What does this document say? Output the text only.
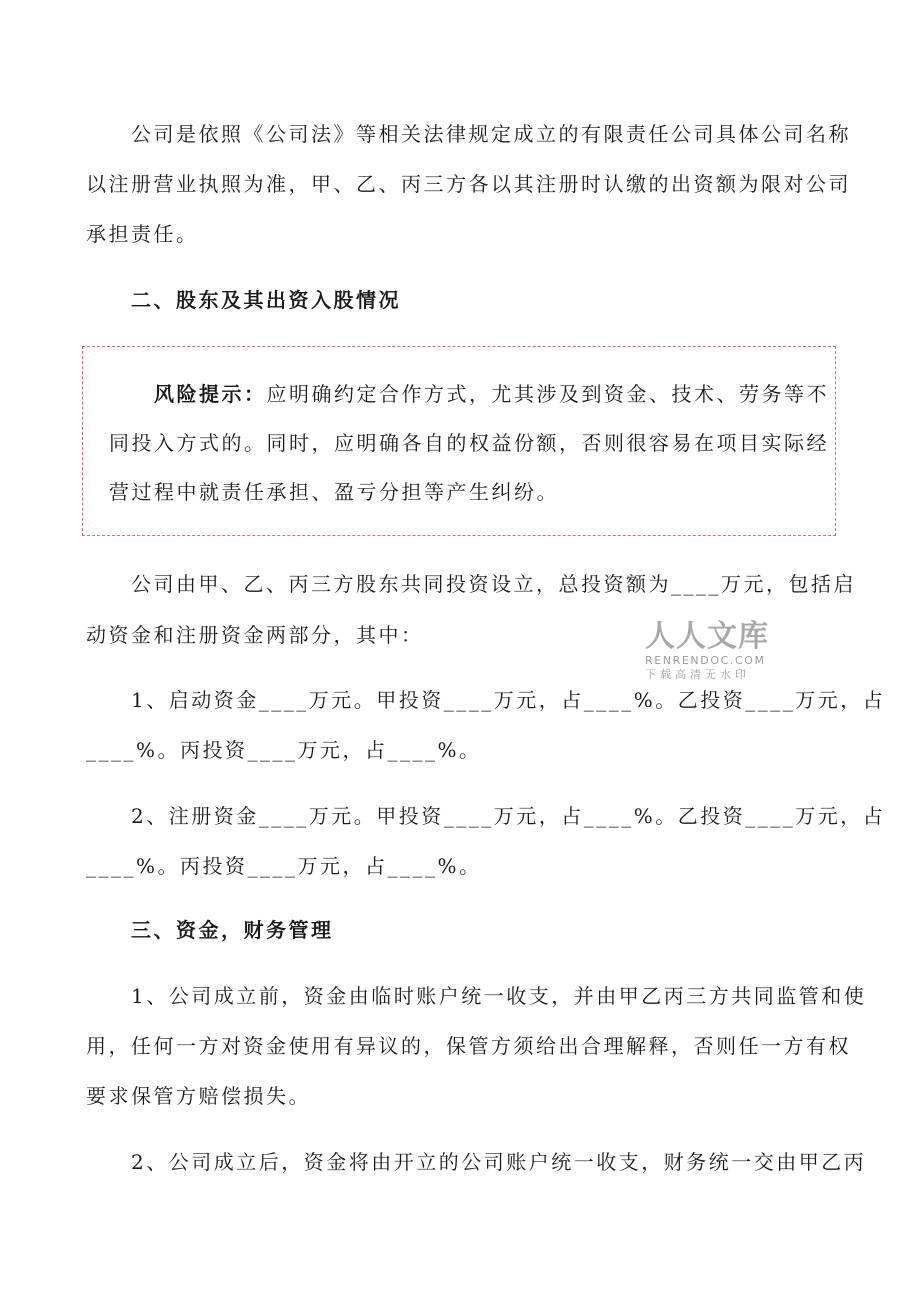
公司是依照《公司法》等相关法律规定成立的有限责任公司具体公司名称
以注册营业执照为准，甲、乙、丙三方各以其注册时认缴的出资额为限对公司
承担责任。
二、股东及其出资入股情况
风险提示：应明确约定合作方式，尤其涉及到资金、技术、劳务等不
同投入方式的。同时，应明确各自的权益份额，否则很容易在项目实际经
营过程中就责任承担、盈亏分担等产生纠纷。
公司由甲、乙、丙三方股东共同投资设立，总投资额为____万元，包括启
动资金和注册资金两部分，其中：
1、启动资金____万元。甲投资____万元，占____%。乙投资____万元，占
____%。丙投资____万元，占____%。
2、注册资金____万元。甲投资____万元，占____%。乙投资____万元，占
____%。丙投资____万元，占____%。
三、资金，财务管理
1、公司成立前，资金由临时账户统一收支，并由甲乙丙三方共同监管和使
用，任何一方对资金使用有异议的，保管方须给出合理解释，否则任一方有权
要求保管方赔偿损失。
2、公司成立后，资金将由开立的公司账户统一收支，财务统一交由甲乙丙
人人文库
RENRENDOC.COM
下载高清无水印
